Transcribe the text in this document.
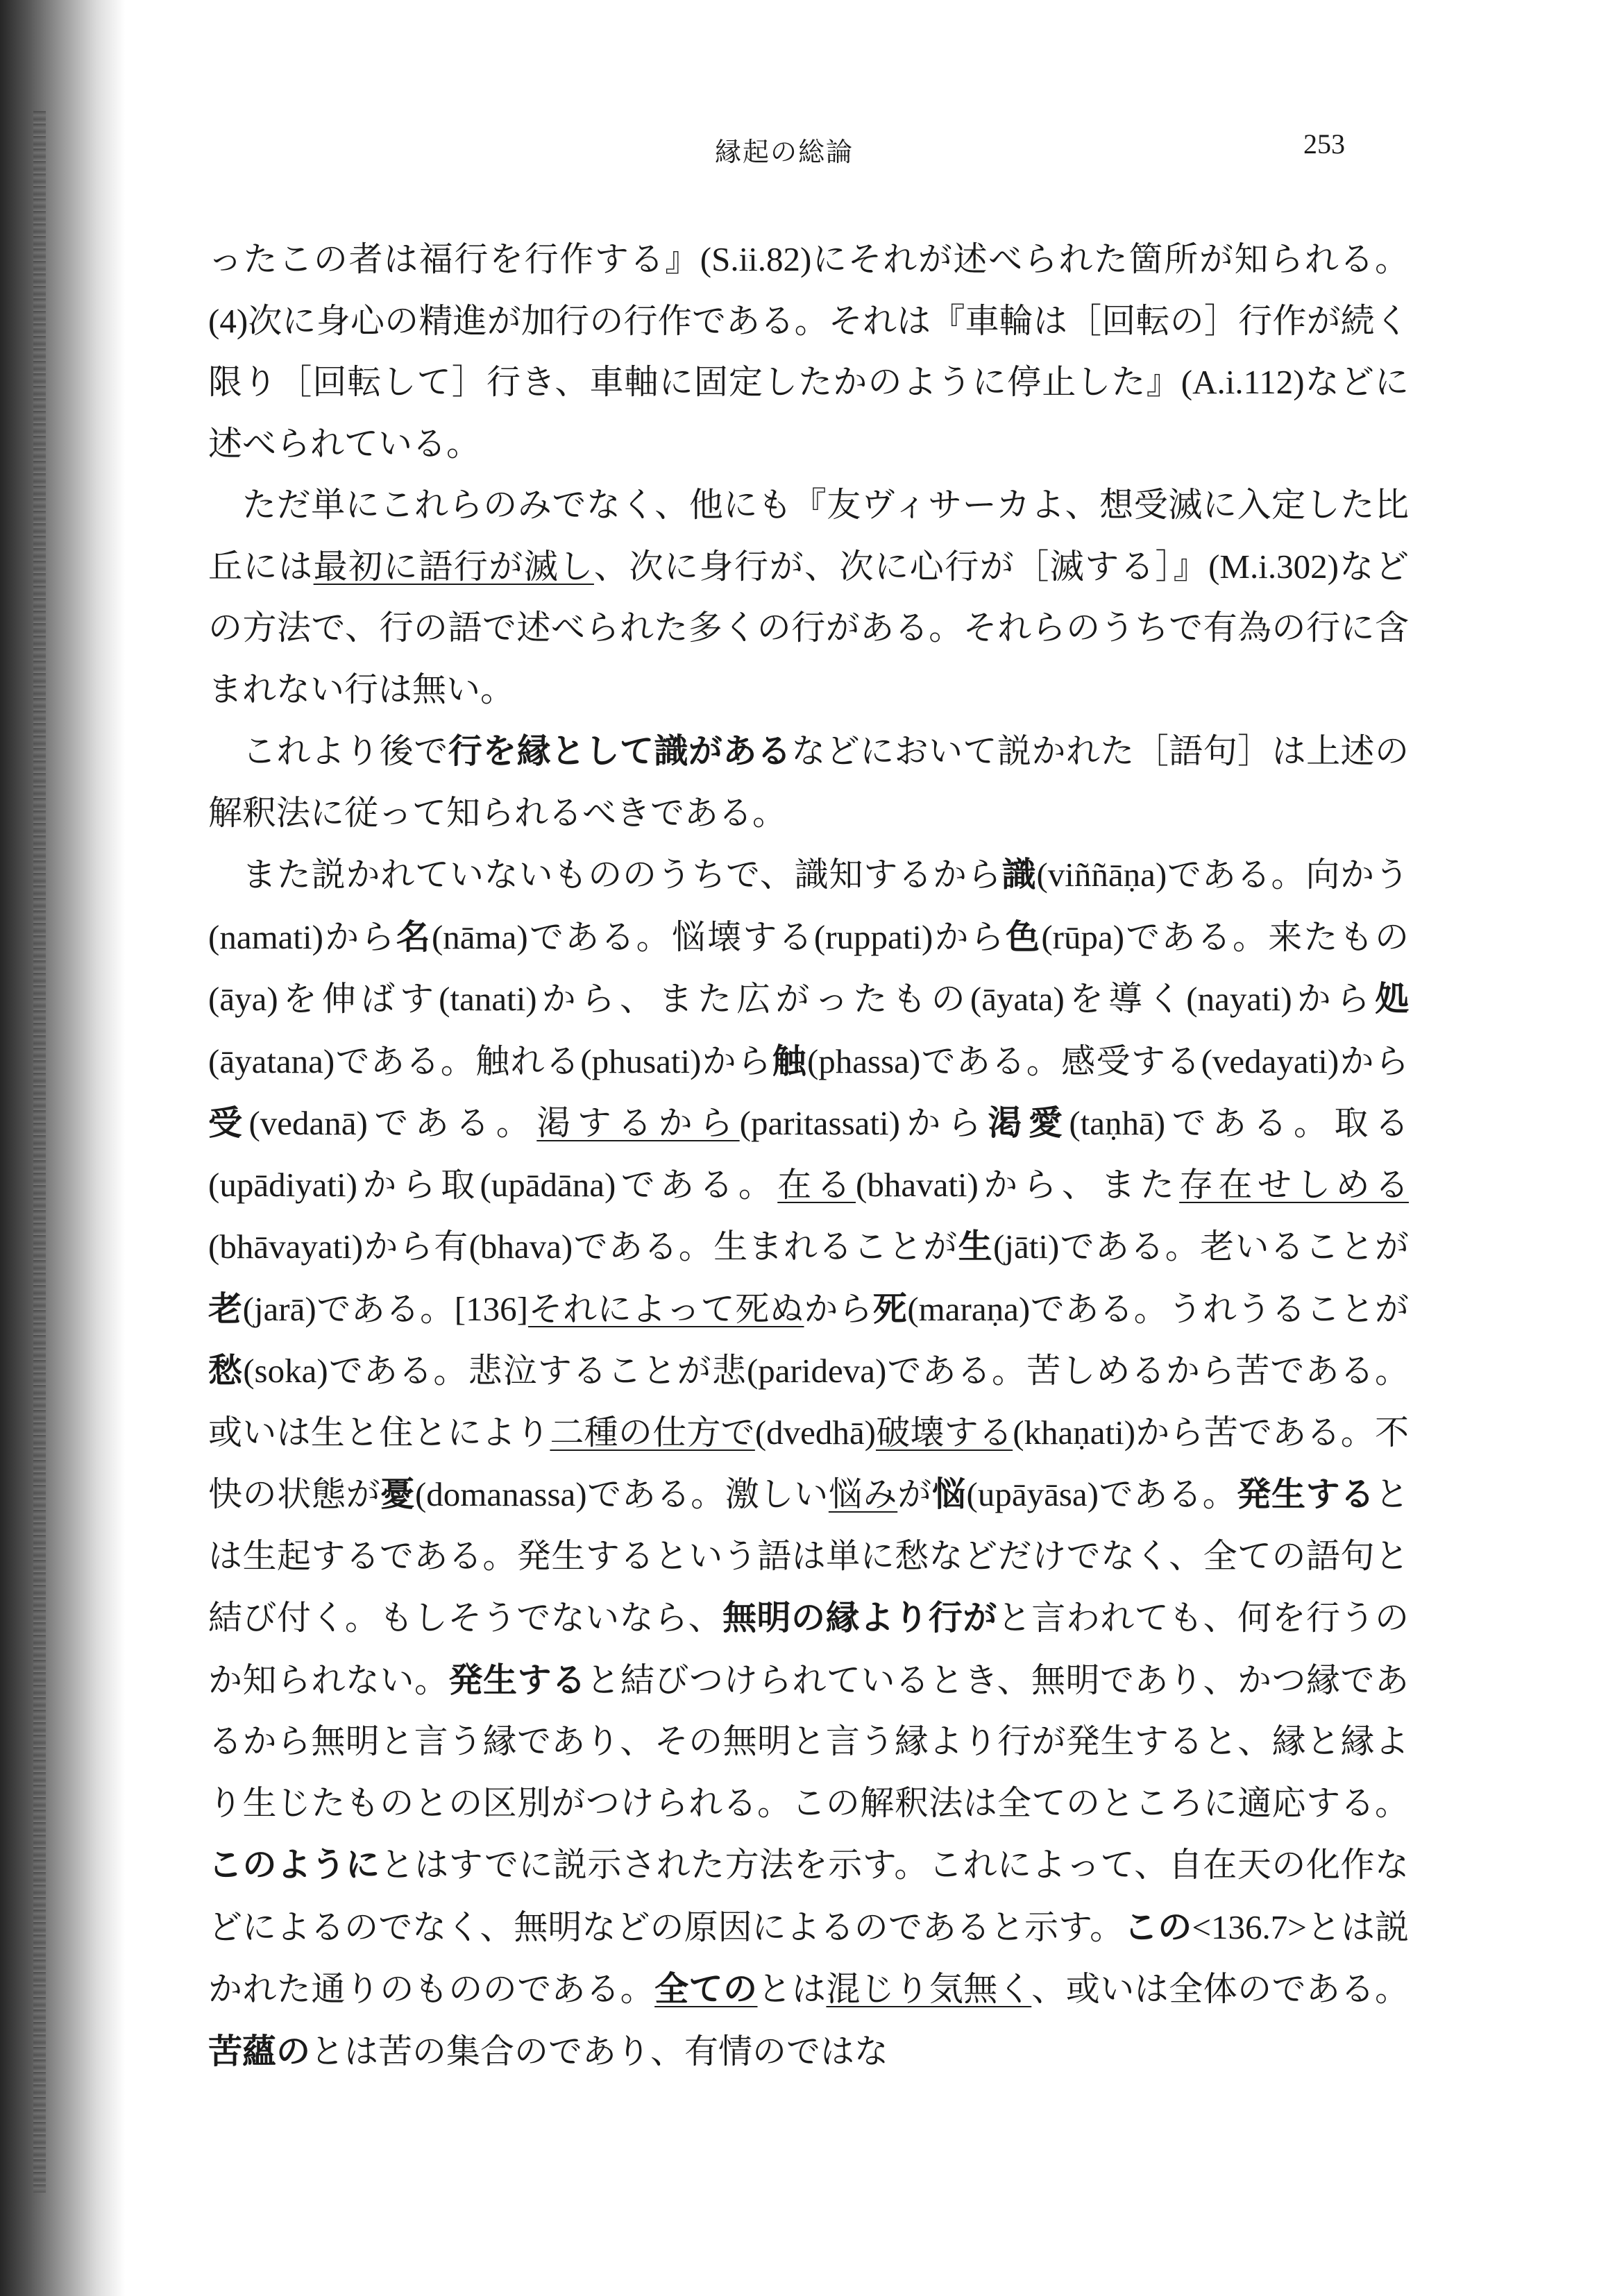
縁起の総論	253

ったこの者は福行を行作する』(S.ii.82)にそれが述べられた箇所が知られる。(4)次に身心の精進が加行の行作である。それは『車輪は［回転の］行作が続く限り［回転して］行き、車軸に固定したかのように停止した』(A.i.112)などに述べられている。

ただ単にこれらのみでなく、他にも『友ヴィサーカよ、想受滅に入定した比丘には最初に語行が滅し、次に身行が、次に心行が［滅する］』(M.i.302)などの方法で、行の語で述べられた多くの行がある。それらのうちで有為の行に含まれない行は無い。

これより後で行を縁として識があるなどにおいて説かれた［語句］は上述の解釈法に従って知られるべきである。

また説かれていないもののうちで、識知するから識(viññāṇa)である。向かう(namati)から名(nāma)である。悩壊する(ruppati)から色(rūpa)である。来たもの(āya)を伸ばす(tanati)から、また広がったもの(āyata)を導く(nayati)から処(āyatana)である。触れる(phusati)から触(phassa)である。感受する(vedayati)から受(vedanā)である。渇するから(paritassati)から渇愛(taṇhā)である。取る(upādiyati)から取(upādāna)である。在る(bhavati)から、また存在せしめる(bhāvayati)から有(bhava)である。生まれることが生(jāti)である。老いることが老(jarā)である。[136]それによって死ぬから死(maraṇa)である。うれうることが愁(soka)である。悲泣することが悲(parideva)である。苦しめるから苦である。或いは生と住とにより二種の仕方で(dvedhā)破壊する(khaṇati)から苦である。不快の状態が憂(domanassa)である。激しい悩みが悩(upāyāsa)である。発生するとは生起するである。発生するという語は単に愁などだけでなく、全ての語句と結び付く。もしそうでないなら、無明の縁より行がと言われても、何を行うのか知られない。発生すると結びつけられているとき、無明であり、かつ縁であるから無明と言う縁であり、その無明と言う縁より行が発生すると、縁と縁より生じたものとの区別がつけられる。この解釈法は全てのところに適応する。このようにとはすでに説示された方法を示す。これによって、自在天の化作などによるのでなく、無明などの原因によるのであると示す。この<136.7>とは説かれた通りのもののである。全てのとは混じり気無く、或いは全体のである。苦蘊のとは苦の集合のであり、有情のではな
